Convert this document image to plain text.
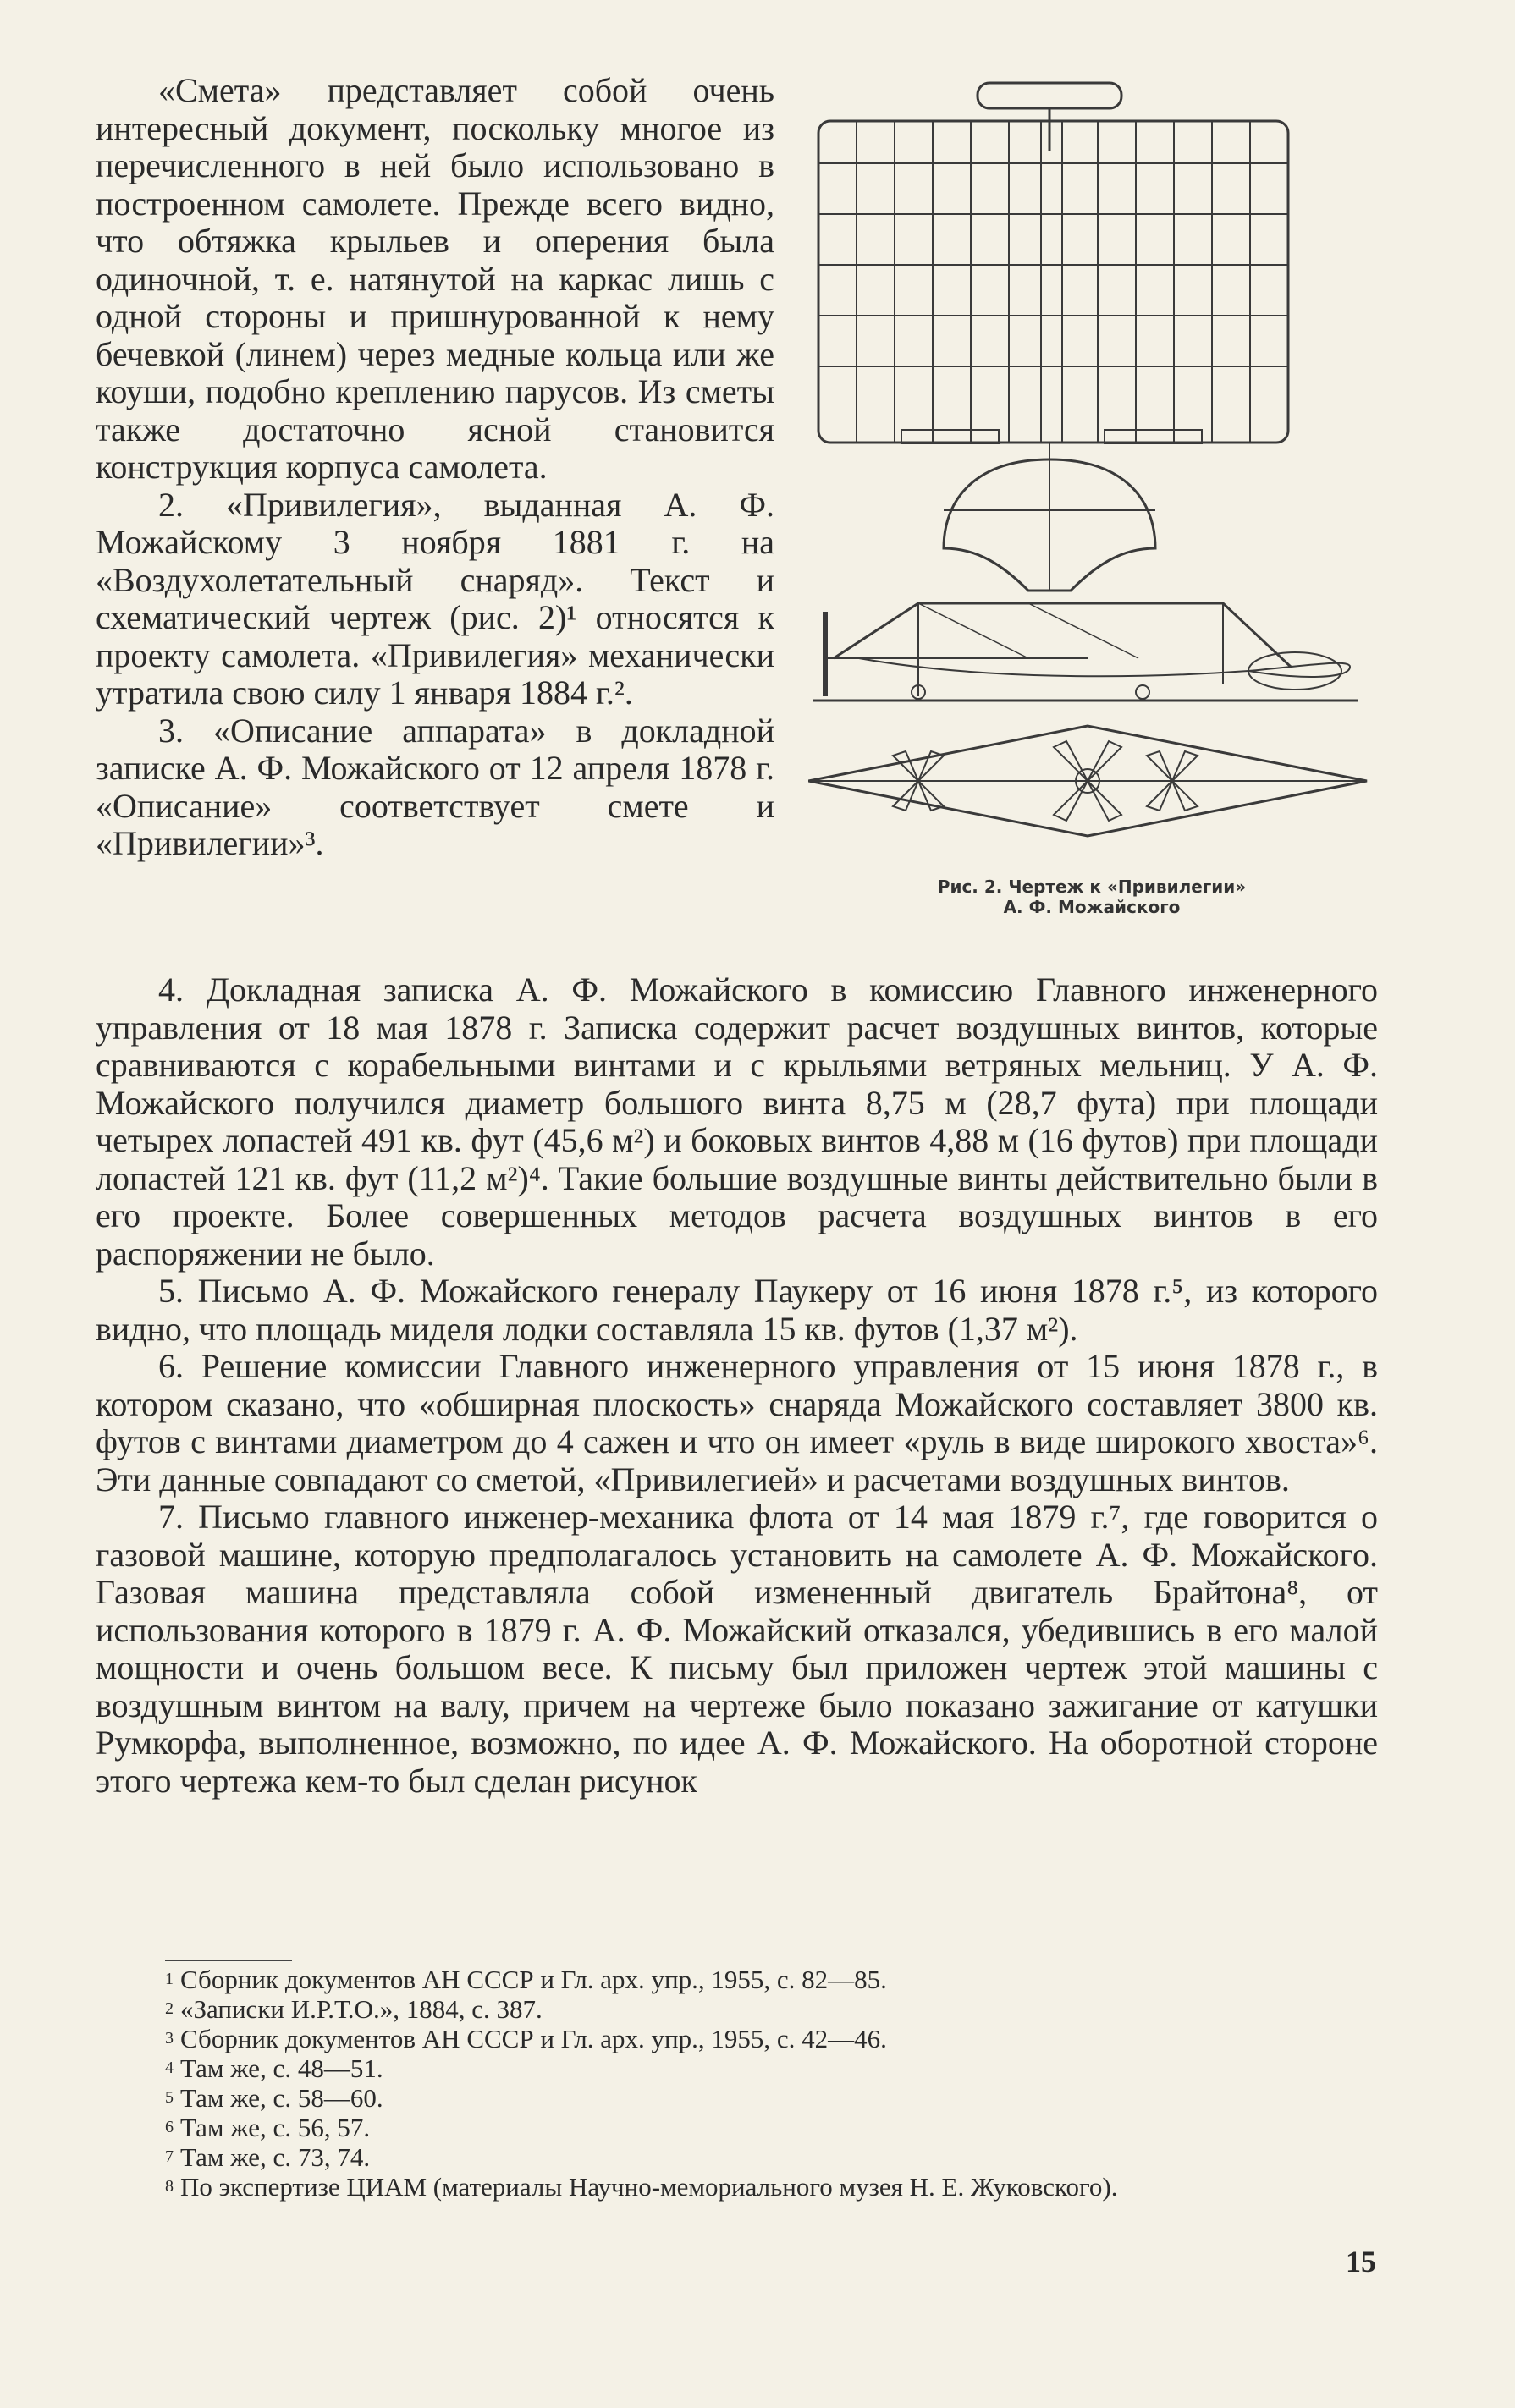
«Смета» представляет собой очень интересный документ, поскольку многое из перечисленного в ней было использовано в построенном самолете. Прежде всего видно, что обтяжка крыльев и оперения была одиночной, т. е. натянутой на каркас лишь с одной стороны и пришнурованной к нему бечевкой (линем) через медные кольца или же коуши, подобно креплению парусов. Из сметы также достаточно ясной становится конструкция корпуса самолета.

2. «Привилегия», выданная А. Ф. Можайскому 3 ноября 1881 г. на «Воздухолетательный снаряд». Текст и схематический чертеж (рис. 2)¹ относятся к проекту самолета. «Привилегия» механически утратила свою силу 1 января 1884 г.².

3. «Описание аппарата» в докладной записке А. Ф. Можайского от 12 апреля 1878 г. «Описание» соответствует смете и «Привилегии»³.

Рис. 2. Чертеж к «Привилегии»
А. Ф. Можайского

4. Докладная записка А. Ф. Можайского в комиссию Главного инженерного управления от 18 мая 1878 г. Записка содержит расчет воздушных винтов, которые сравниваются с корабельными винтами и с крыльями ветряных мельниц. У А. Ф. Можайского получился диаметр большого винта 8,75 м (28,7 фута) при площади четырех лопастей 491 кв. фут (45,6 м²) и боковых винтов 4,88 м (16 футов) при площади лопастей 121 кв. фут (11,2 м²)⁴. Такие большие воздушные винты действительно были в его проекте. Более совершенных методов расчета воздушных винтов в его распоряжении не было.

5. Письмо А. Ф. Можайского генералу Паукеру от 16 июня 1878 г.⁵, из которого видно, что площадь миделя лодки составляла 15 кв. футов (1,37 м²).

6. Решение комиссии Главного инженерного управления от 15 июня 1878 г., в котором сказано, что «обширная плоскость» снаряда Можайского составляет 3800 кв. футов с винтами диаметром до 4 сажен и что он имеет «руль в виде широкого хвоста»⁶. Эти данные совпадают со сметой, «Привилегией» и расчетами воздушных винтов.

7. Письмо главного инженер-механика флота от 14 мая 1879 г.⁷, где говорится о газовой машине, которую предполагалось установить на самолете А. Ф. Можайского. Газовая машина представляла собой измененный двигатель Брайтона⁸, от использования которого в 1879 г. А. Ф. Можайский отказался, убедившись в его малой мощности и очень большом весе. К письму был приложен чертеж этой машины с воздушным винтом на валу, причем на чертеже было показано зажигание от катушки Румкорфа, выполненное, возможно, по идее А. Ф. Можайского. На оборотной стороне этого чертежа кем-то был сделан рисунок

$^1$ Сборник документов АН СССР и Гл. арх. упр., 1955, с. 82—85.

$^2$ «Записки И.Р.Т.О.», 1884, с. 387.

$^3$ Сборник документов АН СССР и Гл. арх. упр., 1955, с. 42—46.

$^4$ Там же, с. 48—51.

$^5$ Там же, с. 58—60.

$^6$ Там же, с. 56, 57.

$^7$ Там же, с. 73, 74.

$^8$ По экспертизе ЦИАМ (материалы Научно-мемориального музея Н. Е. Жуковского).

15
